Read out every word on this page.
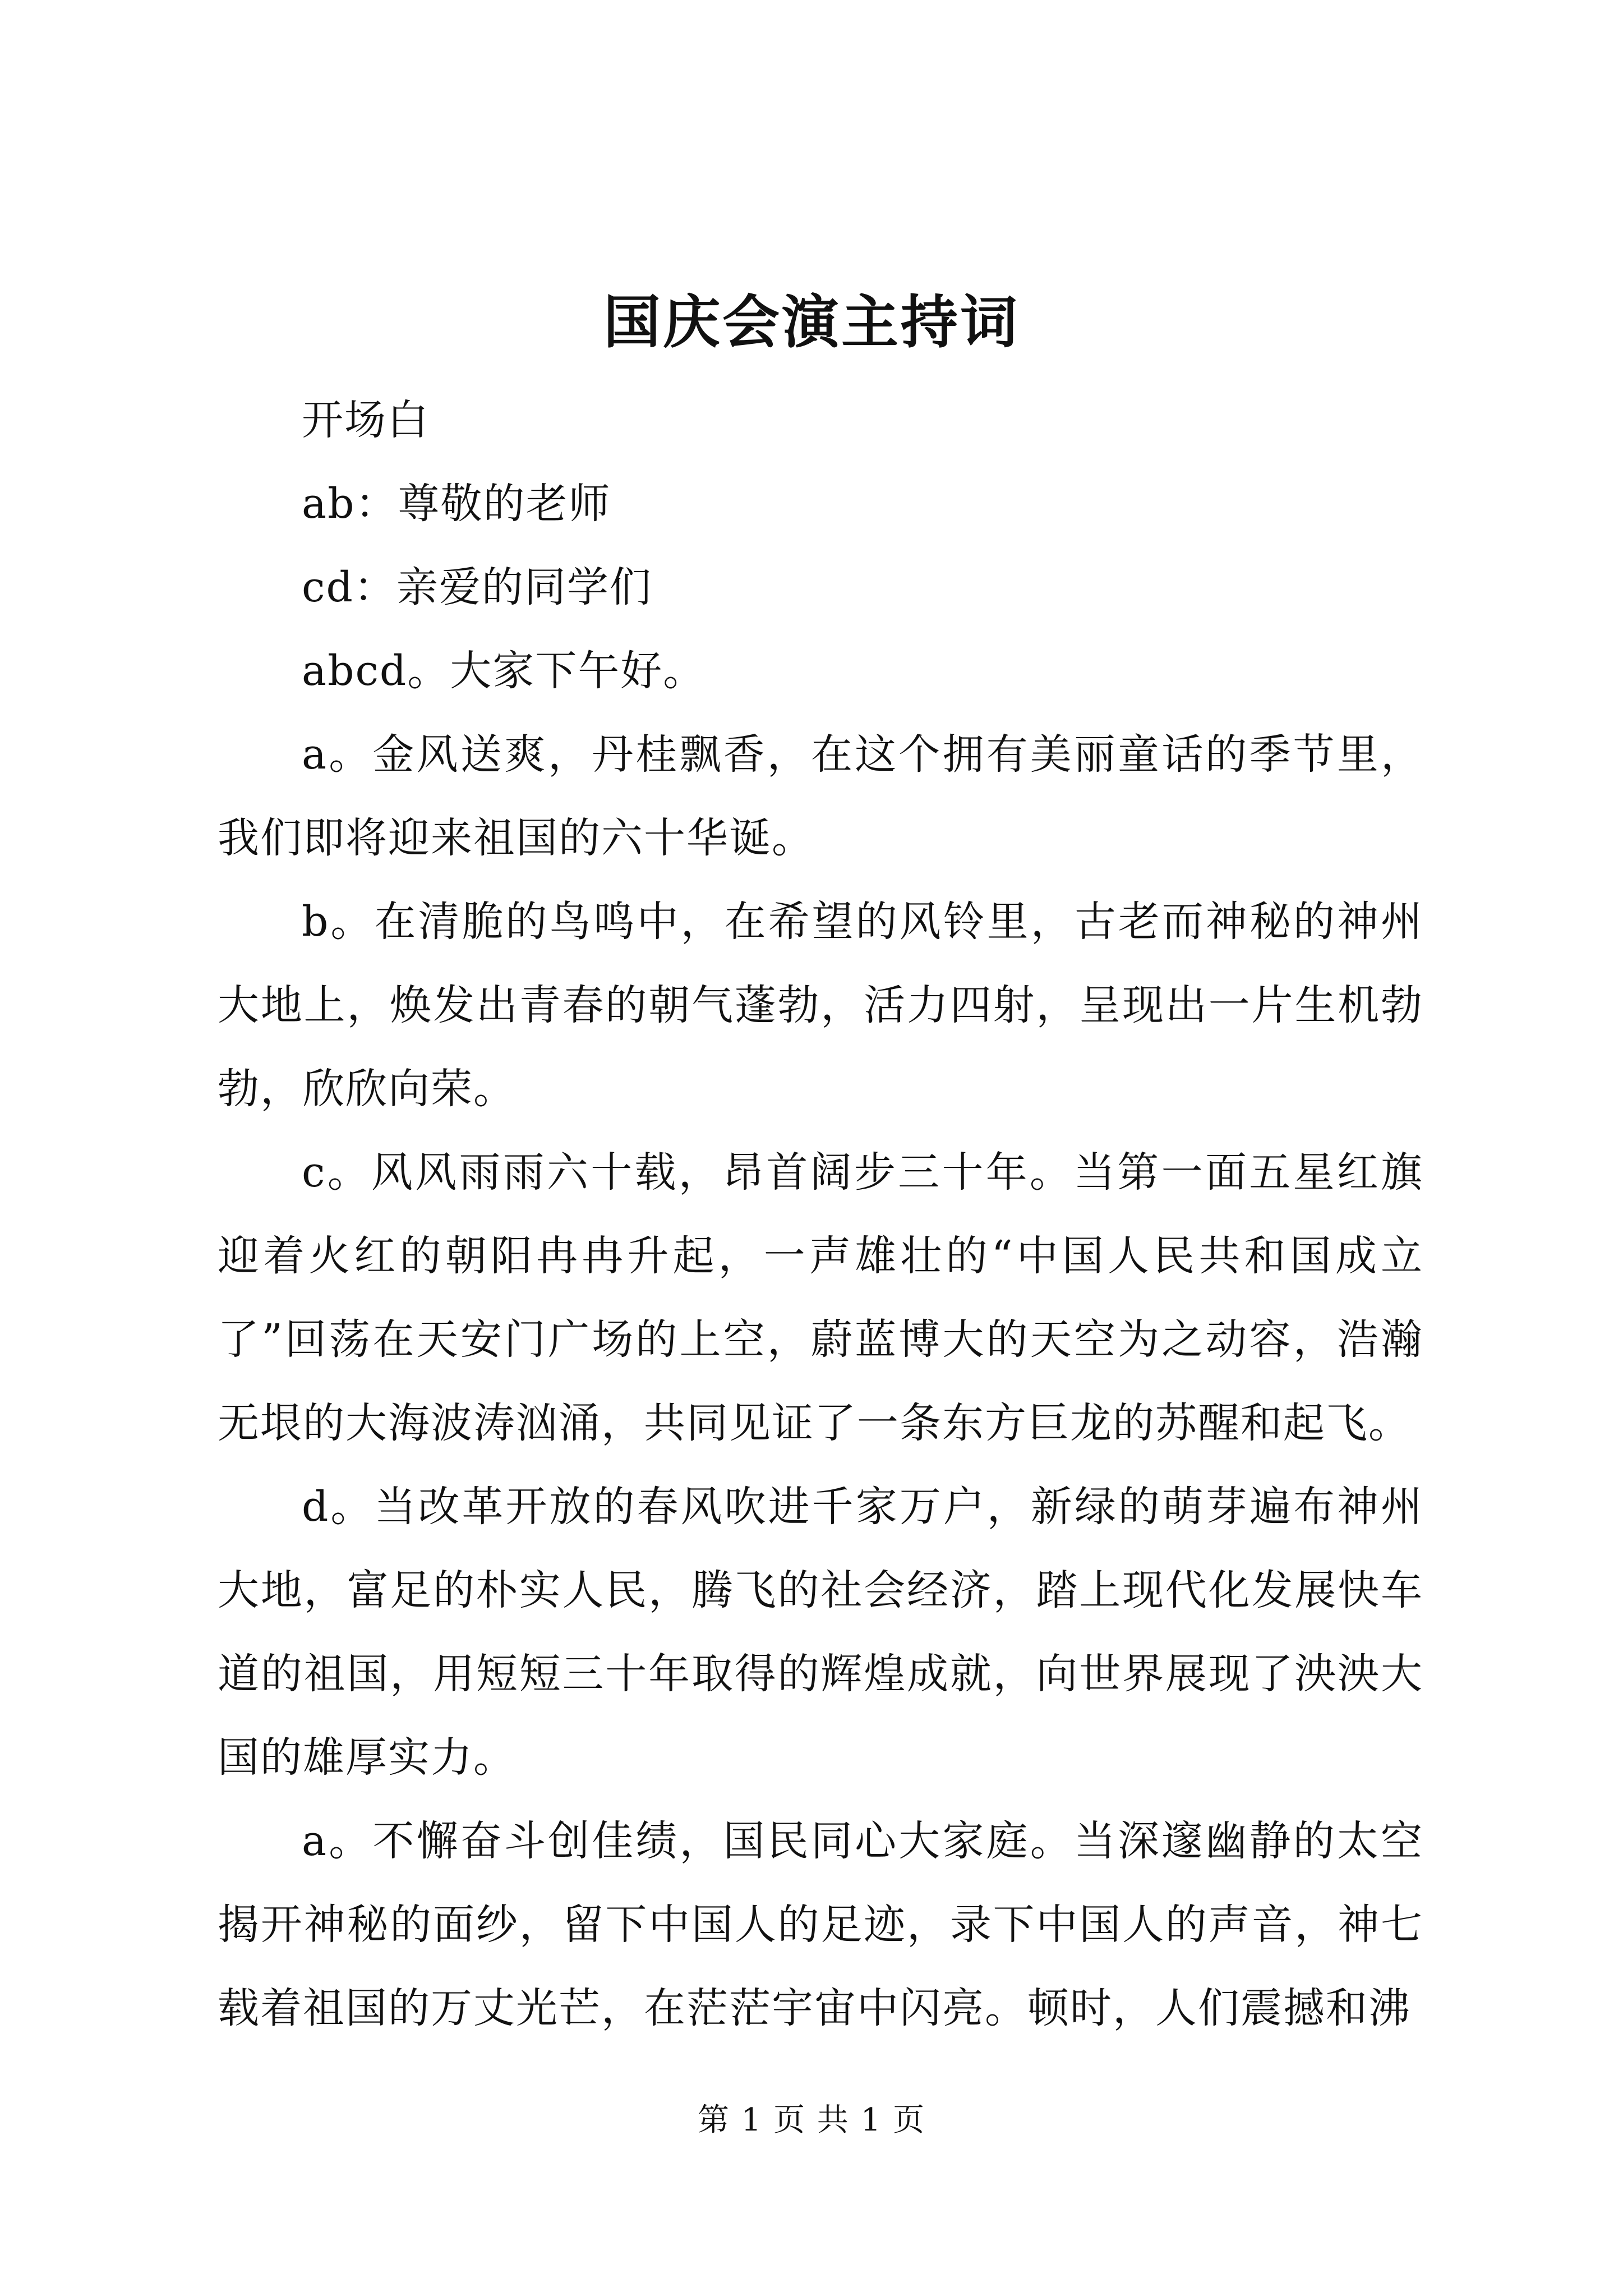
国庆会演主持词

开场白

ab：尊敬的老师

cd：亲爱的同学们

abcd。大家下午好。

a。金风送爽，丹桂飘香，在这个拥有美丽童话的季节里，我们即将迎来祖国的六十华诞。

b。在清脆的鸟鸣中，在希望的风铃里，古老而神秘的神州大地上，焕发出青春的朝气蓬勃，活力四射，呈现出一片生机勃勃，欣欣向荣。

c。风风雨雨六十载，昂首阔步三十年。当第一面五星红旗迎着火红的朝阳冉冉升起，一声雄壮的“中国人民共和国成立了”回荡在天安门广场的上空，蔚蓝博大的天空为之动容，浩瀚无垠的大海波涛汹涌，共同见证了一条东方巨龙的苏醒和起飞。

d。当改革开放的春风吹进千家万户，新绿的萌芽遍布神州大地，富足的朴实人民，腾飞的社会经济，踏上现代化发展快车道的祖国，用短短三十年取得的辉煌成就，向世界展现了泱泱大国的雄厚实力。

a。不懈奋斗创佳绩，国民同心大家庭。当深邃幽静的太空揭开神秘的面纱，留下中国人的足迹，录下中国人的声音，神七载着祖国的万丈光芒，在茫茫宇宙中闪亮。顿时，人们震撼和沸

第 1 页 共 1 页
